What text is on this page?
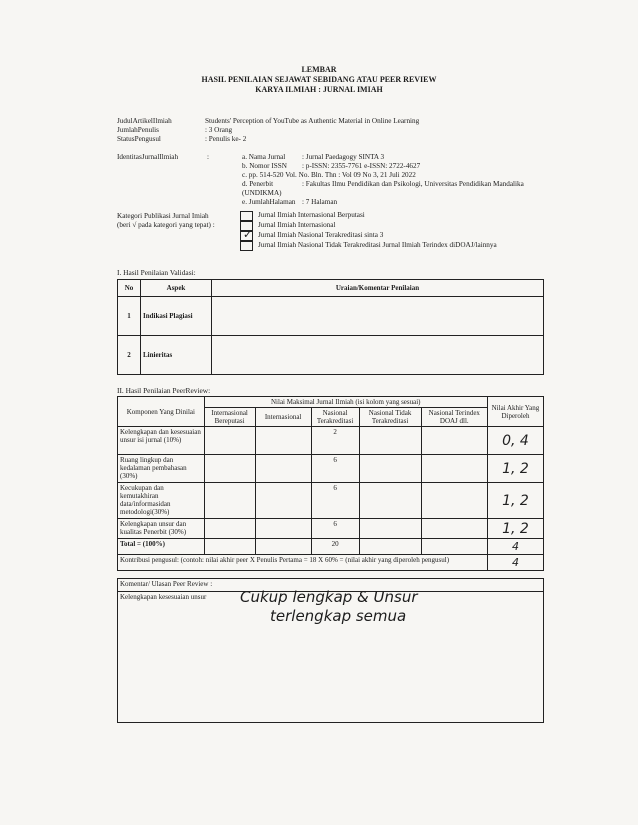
LEMBAR
HASIL PENILAIAN SEJAWAT SEBIDANG ATAU PEER REVIEW
KARYA ILMIAH : JURNAL IMIAH
JudulArtikelIlmiah	Students' Perception of YouTube as Authentic Material in Online Learning
JumlahPenulis	: 3 Orang
StatusPengusul	: Penulis ke- 2
IdentitasJurnalIlmiah	:	a. Nama Jurnal : Jurnal Paedagogy SINTA 3
b. Nomor ISSN : p-ISSN: 2355-7761 e-ISSN: 2722-4627
c. pp. 514-520 Vol. No. Bln. Thn : Vol 09 No 3, 21 Juli 2022
d. Penerbit	: Fakultas Ilmu Pendidikan dan Psikologi, Universitas Pendidikan Mandalika
(UNDIKMA)
e. JumlahHalaman : 7 Halaman
Kategori Publikasi Jurnal Imiah
(beri √ pada kategori yang tepat) :
Jurnal Ilmiah Internasional Berputasi
Jurnal Ilmiah Internasional
✓ Jurnal Ilmiah Nasional Terakreditasi sinta 3
Jurnal Ilmiah Nasional Tidak Terakreditasi Jurnal Ilmiah Terindex diDOAJ/lainnya
I. Hasil Penilaian Validasi:
No	Aspek	Uraian/Komentar Penilaian
1	Indikasi Plagiasi	
2	Linieritas	
II. Hasil Penilaian PeerReview:
Komponen Yang Dinilai	Nilai Maksimal Jurnal Ilmiah (isi kolom yang sesuai)					Nilai Akhir Yang Diperoleh
	Internasional Bereputasi	Internasional	Nasional Terakreditasi	Nasional Tidak Terakreditasi	Nasional Terindex DOAJ dll.	
Kelengkapan dan kesesuaian unsur isi jurnal (10%)			2			0, 4
Ruang lingkup dan kedalaman pembahasan (30%)			6			1, 2
Kecukupan dan kemutakhiran data/informasidan metodologi(30%)			6			1, 2
Kelengkapan unsur dan kualitas Penerbit (30%)			6			1, 2
Total = (100%)			20			4
Kontribusi pengusul: (contoh: nilai akhir peer X Penulis Pertama = 18 X 60% = (nilai akhir yang diperoleh pengusul)						4
Komentar/ Ulasan Peer Review :
Kelengkapan kesesuaian unsur Cukup lengkap & Unsur
terlengkap semua
